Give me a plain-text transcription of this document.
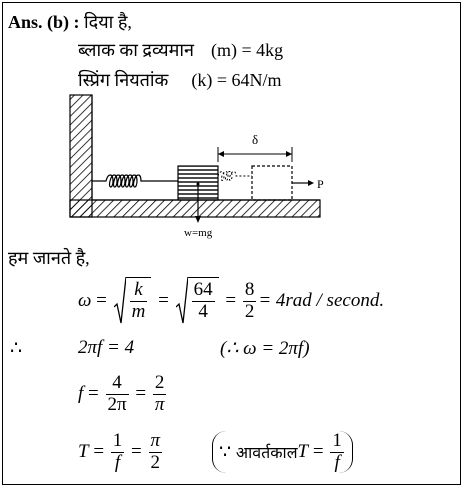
Ans. (b) : दिया है,
ब्लाक का द्रव्यमान (m) = 4kg
स्प्रिंग नियतांक (k) = 64N/m
P
δ
w=mg
हम जानते है,
$\omega = \frac{k}{m} = \frac{64}{4} = \frac{8}{2} = 4rad$ / second.
∴	2πf = 4	(∴ ω = 2πf)
$f = \frac{4}{2\pi} = \frac{2}{\pi}$
$T = \frac{1}{f} = \frac{\pi}{2}$	∵
आवर्तकाल $T = \frac{1}{f}$
